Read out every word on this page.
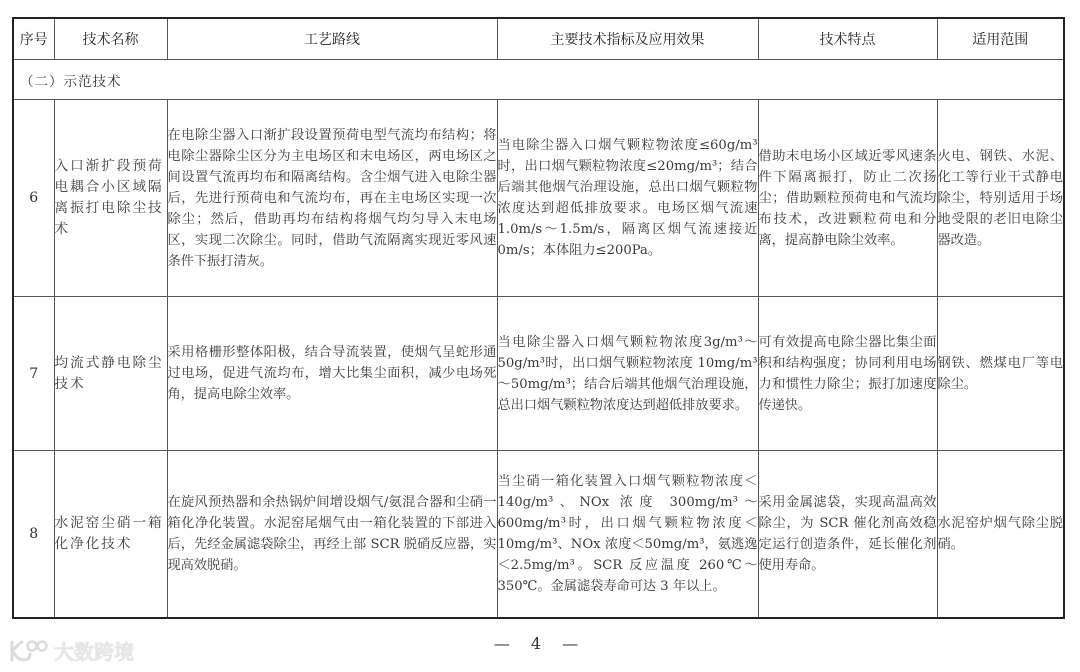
序号	技术名称	工艺路线	主要技术指标及应用效果	技术特点	适用范围
（二）示范技术					
6	入口渐扩段预荷电耦合小区域隔离振打电除尘技术	在电除尘器入口渐扩段设置预荷电型气流均布结构；将电除尘器除尘区分为主电场区和末电场区，两电场区之间设置气流再均布和隔离结构。含尘烟气进入电除尘器后，先进行预荷电和气流均布，再在主电场区实现一次除尘；然后，借助再均布结构将烟气均匀导入末电场区，实现二次除尘。同时，借助气流隔离实现近零风速条件下振打清灰。	当电除尘器入口烟气颗粒物浓度≤60g/m³时，出口烟气颗粒物浓度≤20mg/m³；结合后端其他烟气治理设施，总出口烟气颗粒物浓度达到超低排放要求。电场区烟气流速 1.0m/s～1.5m/s，隔离区烟气流速接近 0m/s；本体阻力≤200Pa。	借助末电场小区域近零风速条件下隔离振打，防止二次扬尘；借助颗粒预荷电和气流均布技术，改进颗粒荷电和分离，提高静电除尘效率。	火电、钢铁、水泥、化工等行业干式静电除尘，特别适用于场地受限的老旧电除尘器改造。
7	均流式静电除尘技术	采用格栅形整体阳极，结合导流装置，使烟气呈蛇形通过电场，促进气流均布，增大比集尘面积，减少电场死角，提高电除尘效率。	当电除尘器入口烟气颗粒物浓度3g/m³～50g/m³时，出口烟气颗粒物浓度 10mg/m³～50mg/m³；结合后端其他烟气治理设施，总出口烟气颗粒物浓度达到超低排放要求。	可有效提高电除尘器比集尘面积和结构强度；协同利用电场力和惯性力除尘；振打加速度传递快。	钢铁、燃煤电厂等电除尘。
8	水泥窑尘硝一箱化净化技术	在旋风预热器和余热锅炉间增设烟气/氨混合器和尘硝一箱化净化装置。水泥窑尾烟气由一箱化装置的下部进入后，先经金属滤袋除尘，再经上部 SCR 脱硝反应器，实现高效脱硝。	当尘硝一箱化装置入口烟气颗粒物浓度＜140g/m³、NOx 浓度 300mg/m³～600mg/m³时，出口烟气颗粒物浓度＜10mg/m³、NOx 浓度＜50mg/m³，氨逃逸＜2.5mg/m³。SCR 反应温度 260℃～350℃。金属滤袋寿命可达 3 年以上。	采用金属滤袋，实现高温高效除尘，为 SCR 催化剂高效稳定运行创造条件，延长催化剂使用寿命。	水泥窑炉烟气除尘脱硝。
大数跨境	— 4 —
